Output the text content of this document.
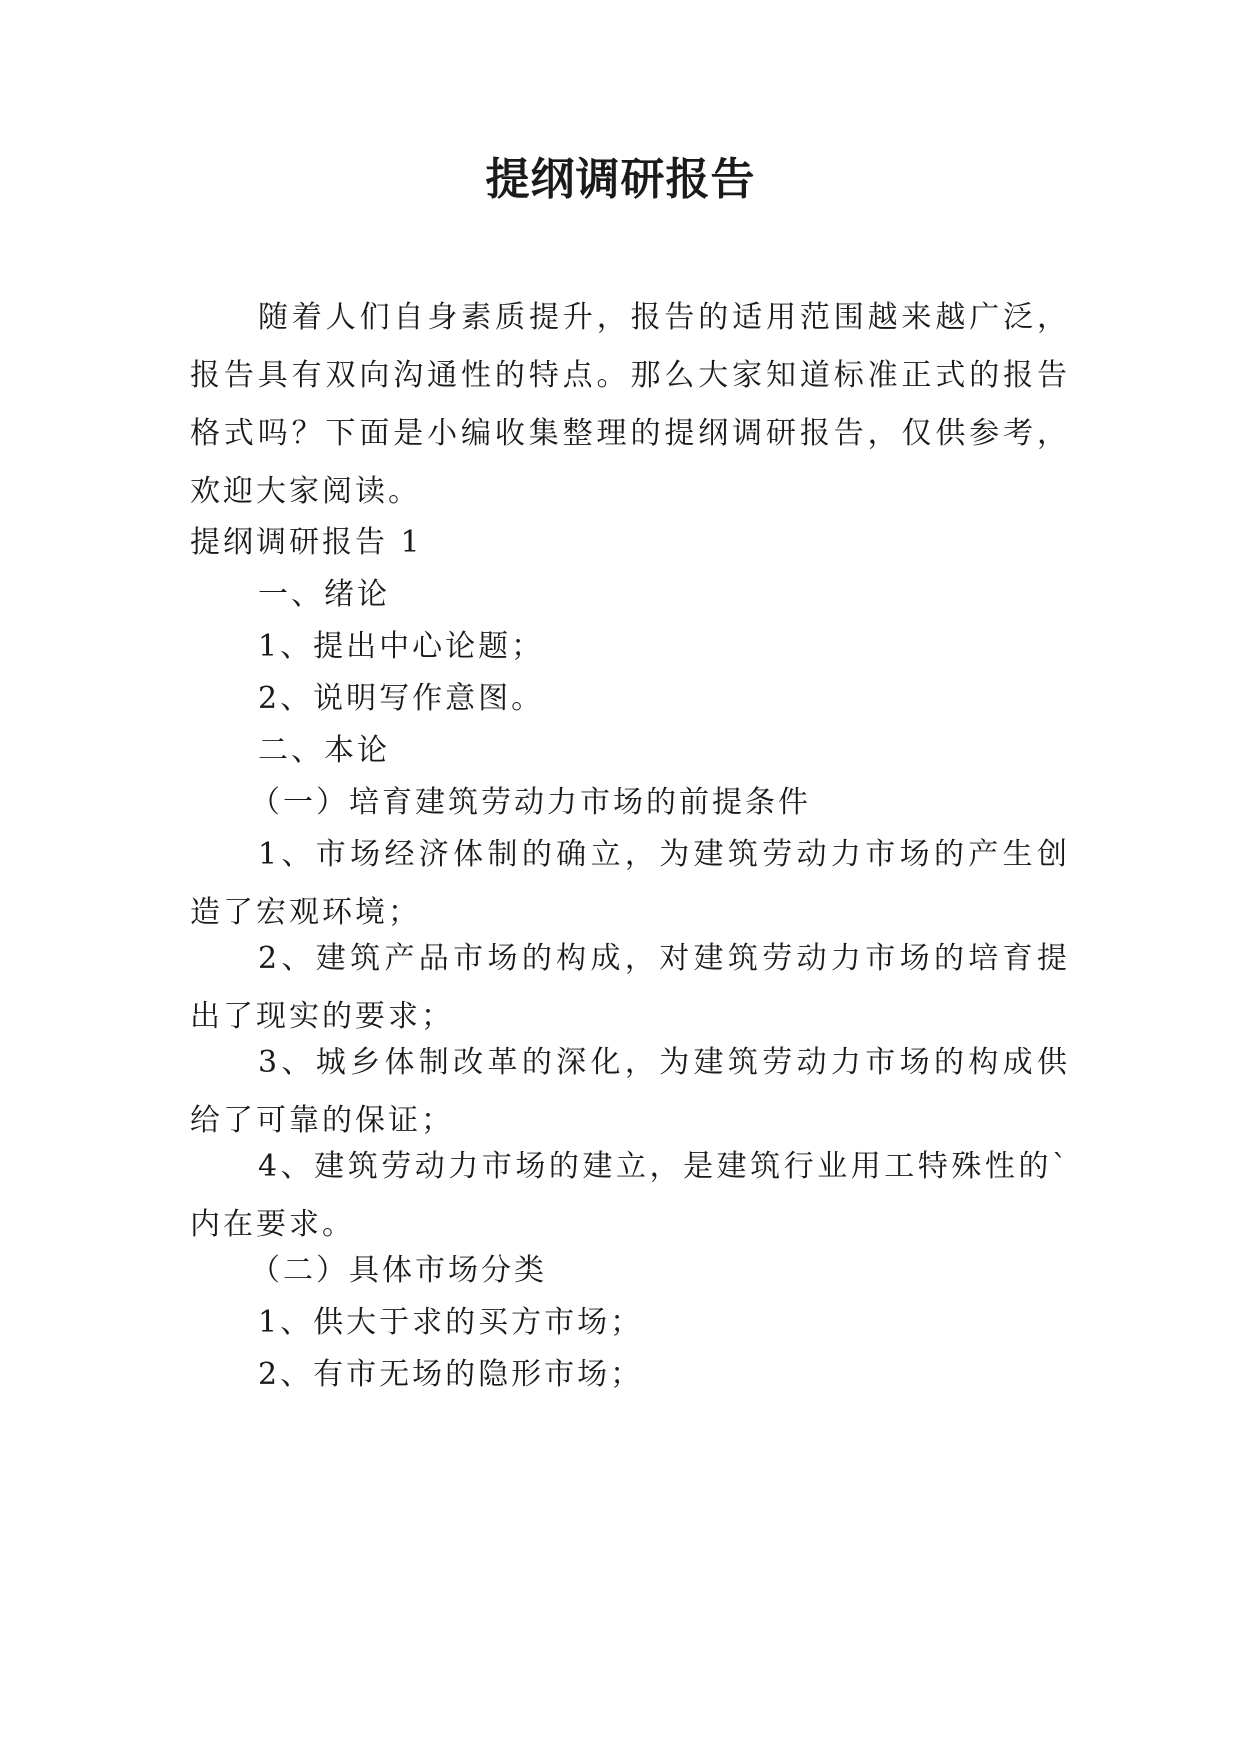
提纲调研报告
随着人们自身素质提升，报告的适用范围越来越广泛，报告具有双向沟通性的特点。那么大家知道标准正式的报告格式吗？下面是小编收集整理的提纲调研报告，仅供参考，欢迎大家阅读。
提纲调研报告 1
一、绪论
1、提出中心论题；
2、说明写作意图。
二、本论
（一）培育建筑劳动力市场的前提条件
1、市场经济体制的确立，为建筑劳动力市场的产生创造了宏观环境；
2、建筑产品市场的构成，对建筑劳动力市场的培育提出了现实的要求；
3、城乡体制改革的深化，为建筑劳动力市场的构成供给了可靠的保证；
4、建筑劳动力市场的建立，是建筑行业用工特殊性的`内在要求。
（二）具体市场分类
1、供大于求的买方市场；
2、有市无场的隐形市场；
